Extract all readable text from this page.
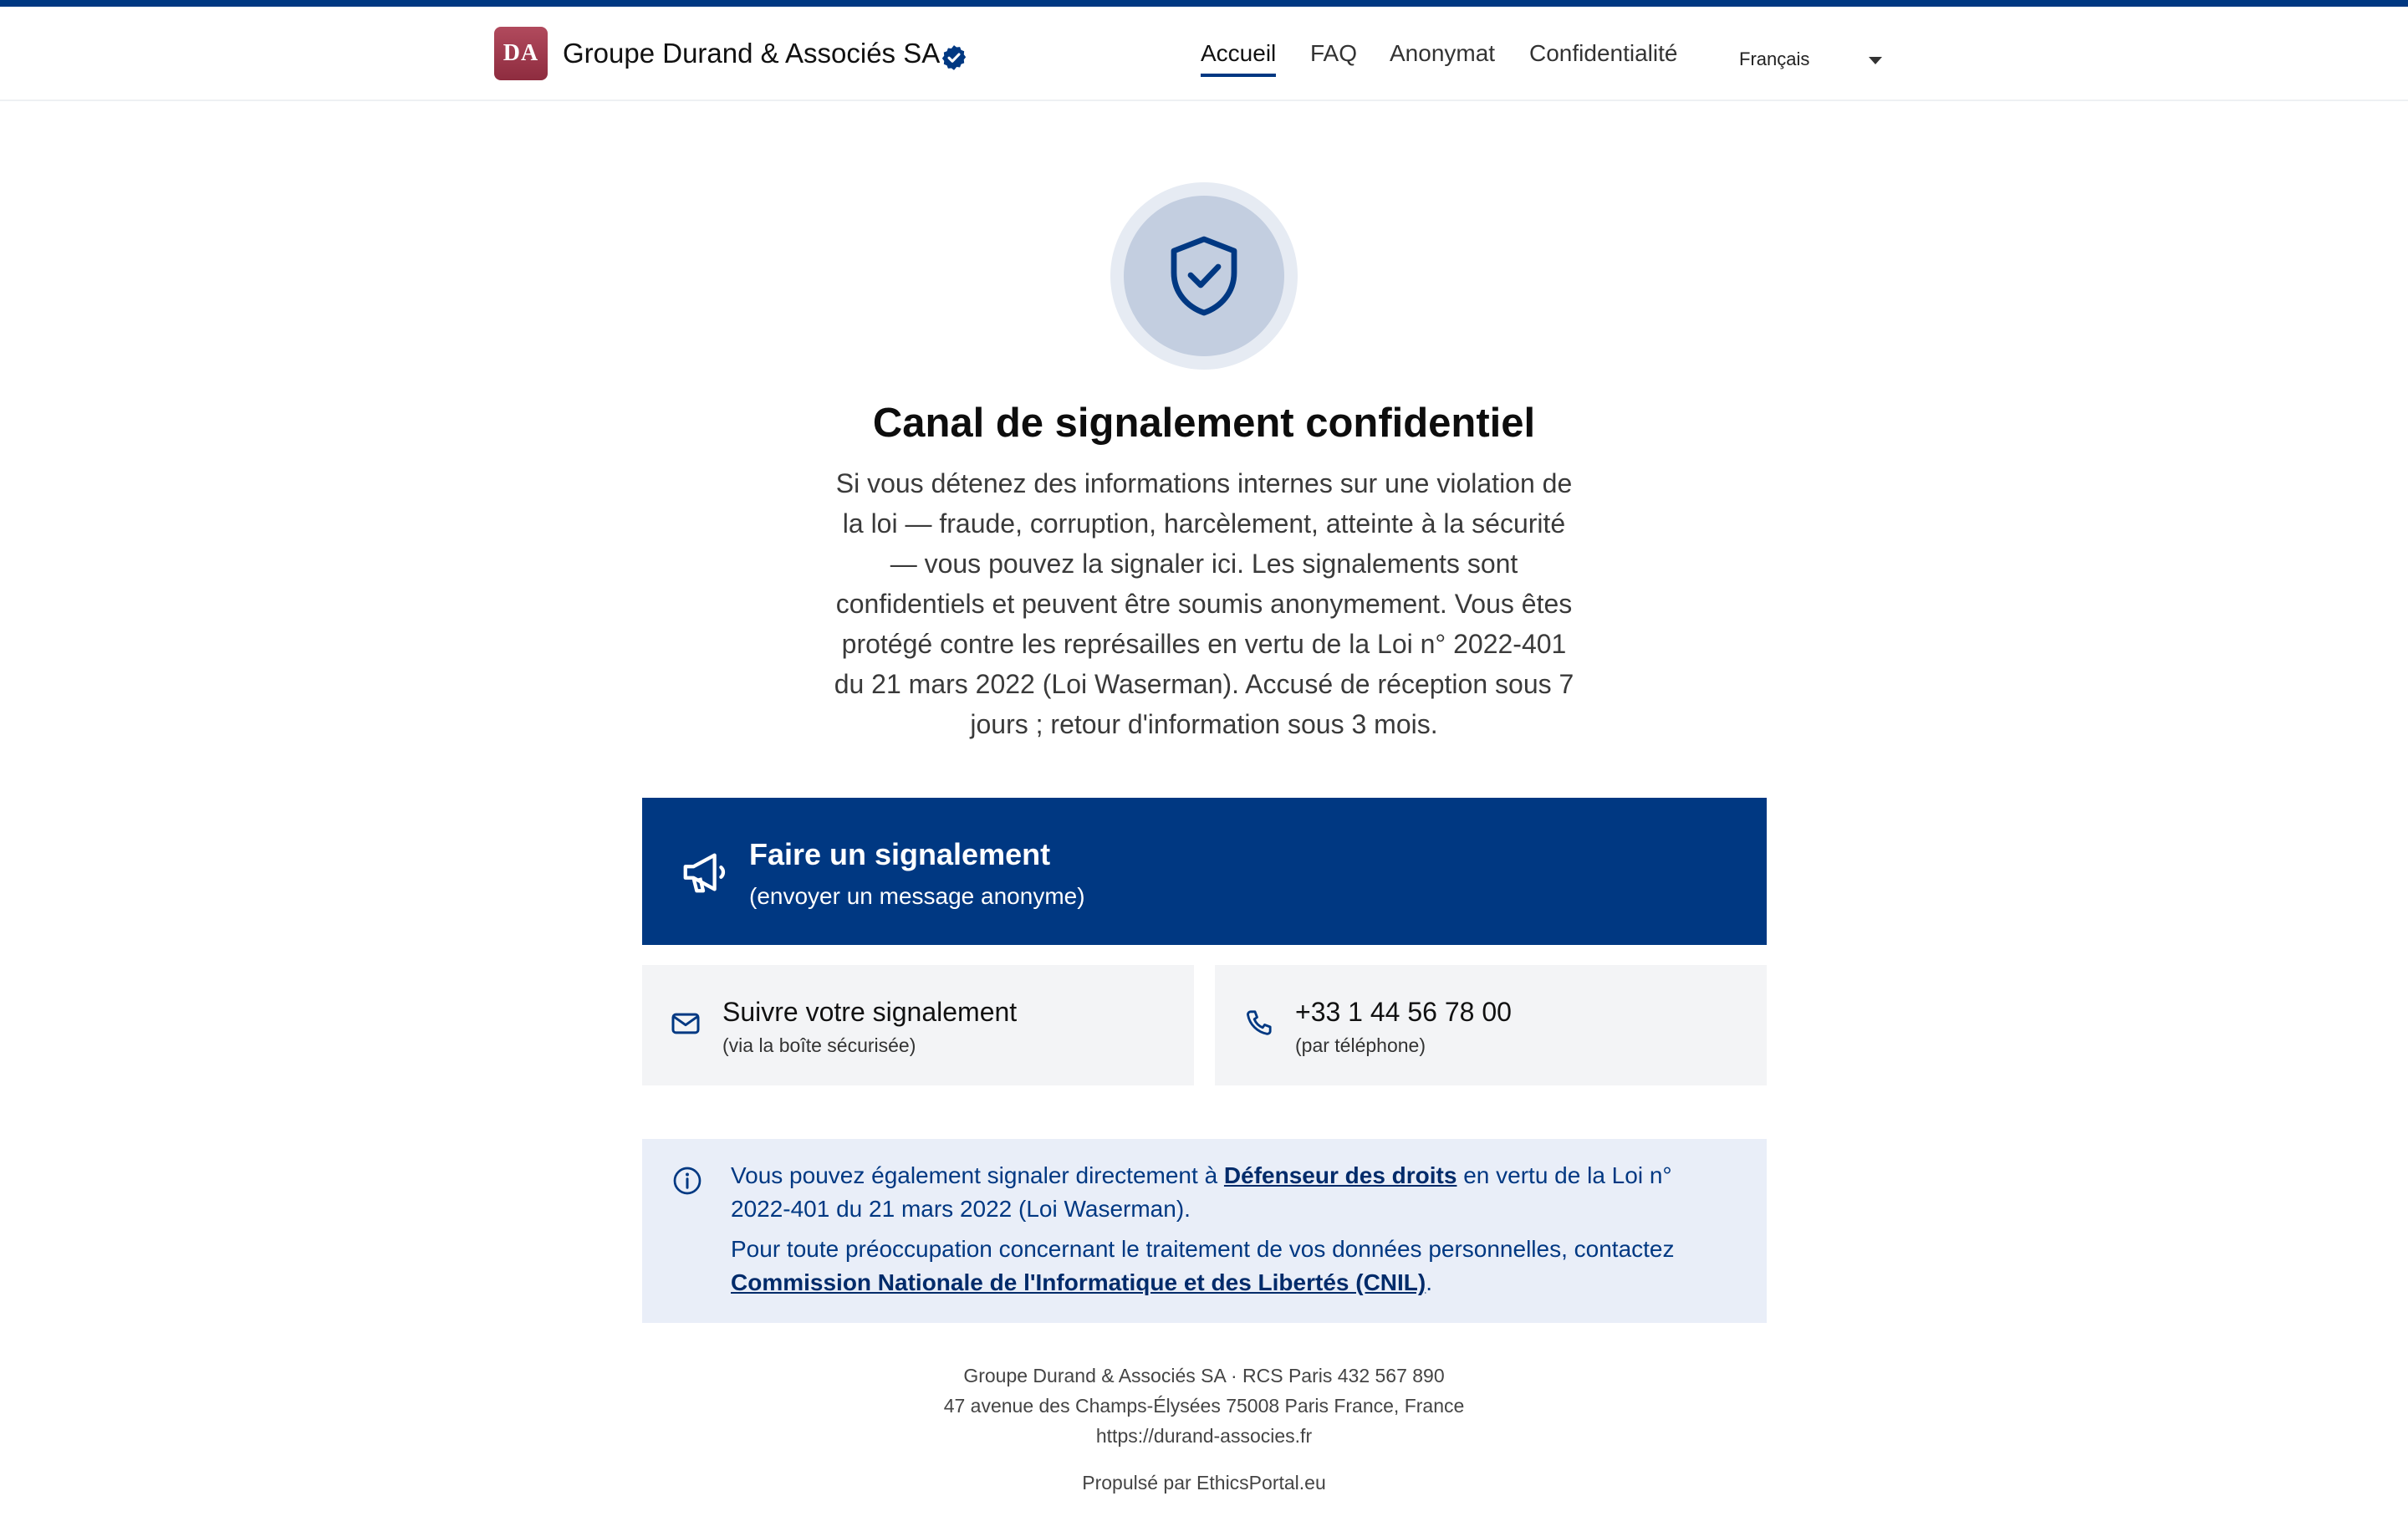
DA Groupe Durand & Associés SA	Accueil FAQ Anonymat Confidentialité	Français
Canal de signalement confidentiel

Si vous détenez des informations internes sur une violation de la loi — fraude, corruption, harcèlement, atteinte à la sécurité — vous pouvez la signaler ici. Les signalements sont confidentiels et peuvent être soumis anonymement. Vous êtes protégé contre les représailles en vertu de la Loi n° 2022-401 du 21 mars 2022 (Loi Waserman). Accusé de réception sous 7 jours ; retour d'information sous 3 mois.

Faire un signalement
(envoyer un message anonyme)
Suivre votre signalement
(via la boîte sécurisée)
+33 1 44 56 78 00
(par téléphone)

Vous pouvez également signaler directement à Défenseur des droits en vertu de la Loi n° 2022-401 du 21 mars 2022 (Loi Waserman).

Pour toute préoccupation concernant le traitement de vos données personnelles, contactez Commission Nationale de l'Informatique et des Libertés (CNIL).

Groupe Durand & Associés SA · RCS Paris 432 567 890
47 avenue des Champs-Élysées 75008 Paris France, France
https://durand-associes.fr
Propulsé par EthicsPortal.eu
